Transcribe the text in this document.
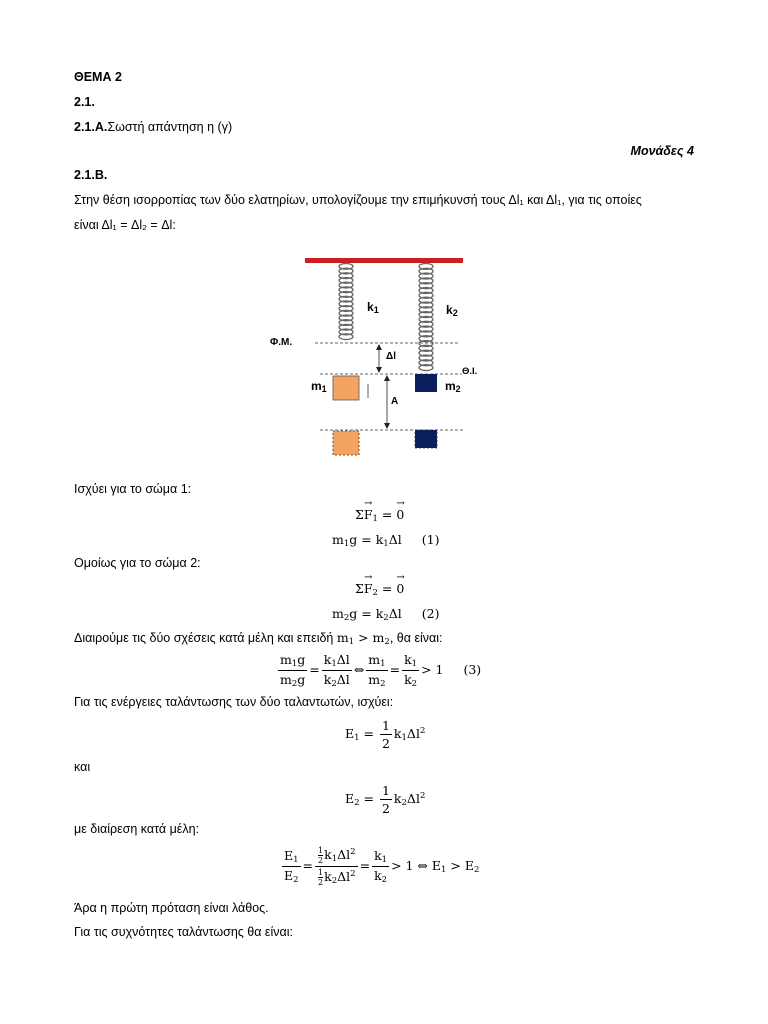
ΘΕΜΑ 2
2.1.
2.1.Α.Σωστή απάντηση η (γ)
Μονάδες 4
2.1.Β.
Στην θέση ισορροπίας των δύο ελατηρίων, υπολογίζουμε την επιμήκυνσή τους Δl₁ και Δl₁, για τις οποίες
είναι Δl₁ = Δl₂ = Δl:
k1	k2
Φ.Μ.
Θ.Ι.
Δl
Α
m1	m2
Ισχύει για το σώμα 1:
$\Sigma\to F_1$ = → 0
$m_1g = k_1\Delta l$ (1)
Ομοίως για το σώμα 2:
$\Sigma\to F_2$ = → 0
$m_2g = k_2\Delta l$ (2)
Διαιρούμε τις δύο σχέσεις κατά μέλη και επειδή $m_1 > m_2$, θα είναι:
$\frac{m_1g}{m_2g} = \frac{k_1\Delta l}{k_2\Delta l}$ ⇔ $\frac{m_1}{m_2} = \frac{k_1}{k_2} > 1$ (3)
Για τις ενέργειες ταλάντωσης των δύο ταλαντωτών, ισχύει:
$E_1 = \frac{1}{2} k_1\Delta l^2$
και
$E_2 = \frac{1}{2} k_2\Delta l^2$
με διαίρεση κατά μέλη:
$\frac{E_1}{E_2} = \frac{\frac{1}{2} k_1\Delta l^2}{\frac{1}{2} k_2\Delta l^2} = \frac{k_1}{k_2} > 1$ ⇔ $E_1 > E_2$
Άρα η πρώτη πρόταση είναι λάθος.
Για τις συχνότητες ταλάντωσης θα είναι:
